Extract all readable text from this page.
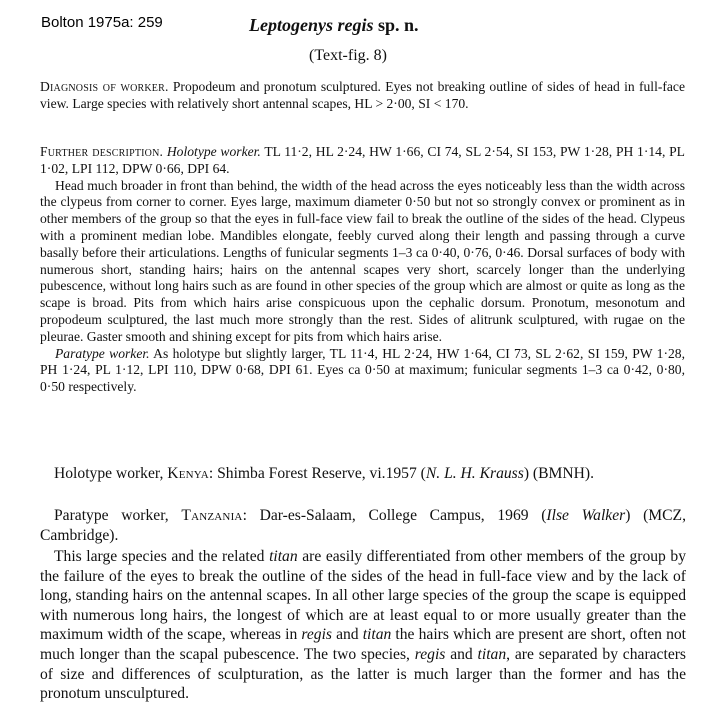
Bolton 1975a: 259	Leptogenys regis sp. n.
(Text-fig. 8)

Diagnosis of worker. Propodeum and pronotum sculptured. Eyes not breaking outline of sides of head in full-face view. Large species with relatively short antennal scapes, HL > 2·00, SI < 170.

Further description. Holotype worker. TL 11·2, HL 2·24, HW 1·66, CI 74, SL 2·54, SI 153, PW 1·28, PH 1·14, PL 1·02, LPI 112, DPW 0·66, DPI 64.

Head much broader in front than behind, the width of the head across the eyes noticeably less than the width across the clypeus from corner to corner. Eyes large, maximum diameter 0·50 but not so strongly convex or prominent as in other members of the group so that the eyes in full-face view fail to break the outline of the sides of the head. Clypeus with a prominent median lobe. Mandibles elongate, feebly curved along their length and passing through a curve basally before their articulations. Lengths of funicular segments 1–3 ca 0·40, 0·76, 0·46. Dorsal surfaces of body with numerous short, standing hairs; hairs on the antennal scapes very short, scarcely longer than the underlying pubescence, without long hairs such as are found in other species of the group which are almost or quite as long as the scape is broad. Pits from which hairs arise conspicuous upon the cephalic dorsum. Pronotum, mesonotum and propodeum sculptured, the last much more strongly than the rest. Sides of alitrunk sculptured, with rugae on the pleurae. Gaster smooth and shining except for pits from which hairs arise.

Paratype worker. As holotype but slightly larger, TL 11·4, HL 2·24, HW 1·64, CI 73, SL 2·62, SI 159, PW 1·28, PH 1·24, PL 1·12, LPI 110, DPW 0·68, DPI 61. Eyes ca 0·50 at maximum; funicular segments 1–3 ca 0·42, 0·80, 0·50 respectively.

Holotype worker, Kenya: Shimba Forest Reserve, vi.1957 (N. L. H. Krauss) (BMNH).

Paratype worker, Tanzania: Dar-es-Salaam, College Campus, 1969 (Ilse Walker) (MCZ, Cambridge).

This large species and the related titan are easily differentiated from other members of the group by the failure of the eyes to break the outline of the sides of the head in full-face view and by the lack of long, standing hairs on the antennal scapes. In all other large species of the group the scape is equipped with numerous long hairs, the longest of which are at least equal to or more usually greater than the maximum width of the scape, whereas in regis and titan the hairs which are present are short, often not much longer than the scapal pubescence. The two species, regis and titan, are separated by characters of size and differences of sculpturation, as the latter is much larger than the former and has the pronotum unsculptured.
